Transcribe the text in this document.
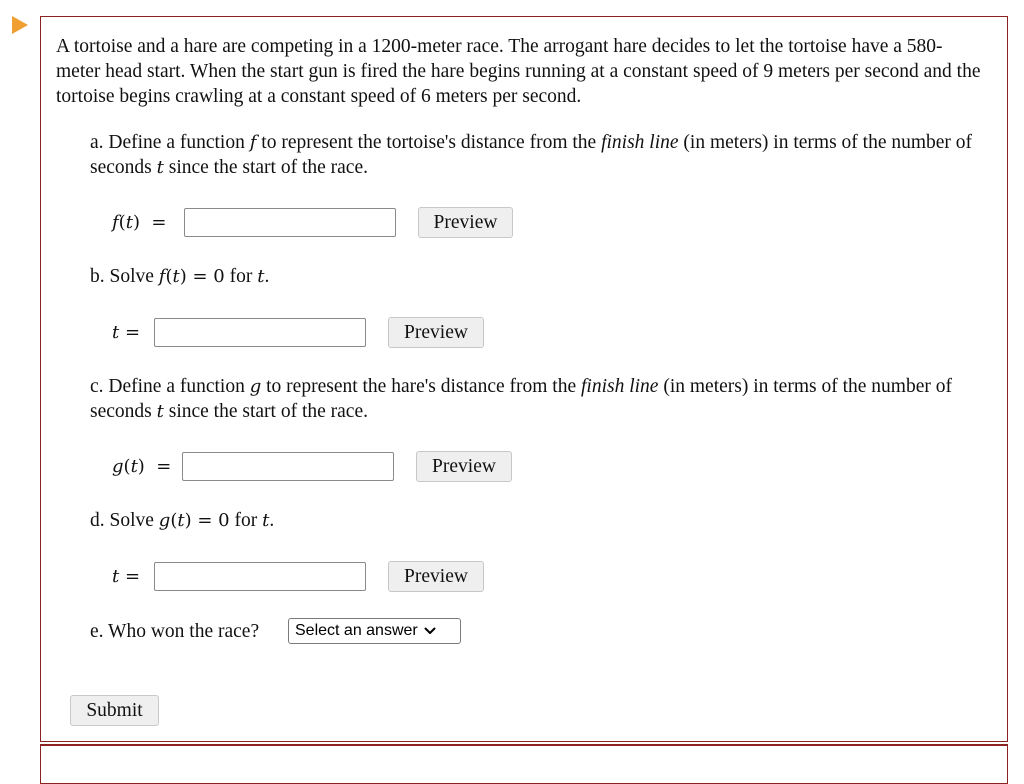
A tortoise and a hare are competing in a 1200-meter race. The arrogant hare decides to let the tortoise have a 580-meter head start. When the start gun is fired the hare begins running at a constant speed of 9 meters per second and the tortoise begins crawling at a constant speed of 6 meters per second.

a. Define a function f to represent the tortoise's distance from the finish line (in meters) in terms of the number of seconds t since the start of the race.

f(t)  =	Preview

b. Solve f(t) = 0 for t.

t =	Preview

c. Define a function g to represent the hare's distance from the finish line (in meters) in terms of the number of seconds t since the start of the race.

g(t)  =	Preview

d. Solve g(t) = 0 for t.

t =	Preview

e. Who won the race? Select an answer
Submit
